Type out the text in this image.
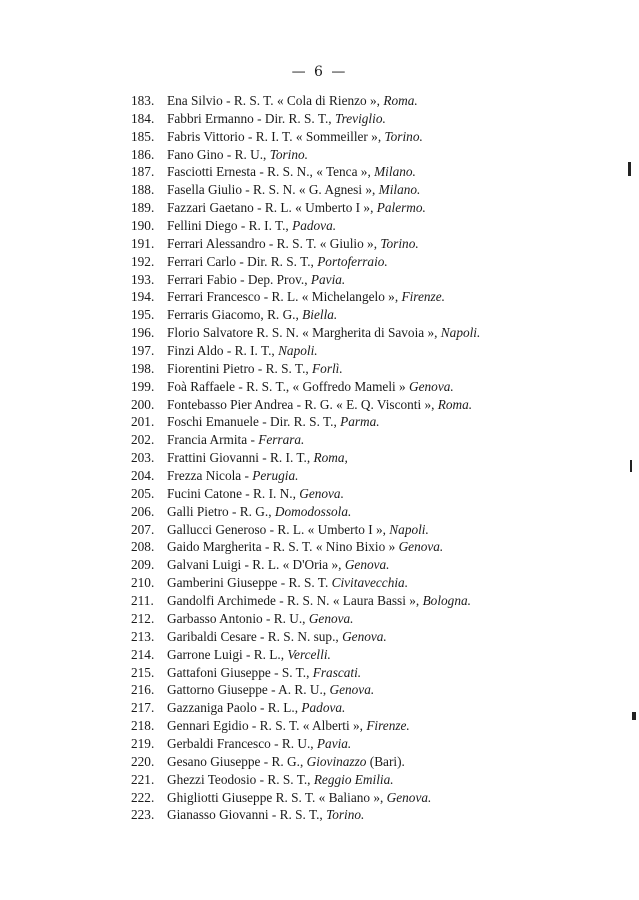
— 6 —
183. Ena Silvio - R. S. T. « Cola di Rienzo », Roma.
184. Fabbri Ermanno - Dir. R. S. T., Treviglio.
185. Fabris Vittorio - R. I. T. « Sommeiller », Torino.
186. Fano Gino - R. U., Torino.
187. Fasciotti Ernesta - R. S. N., « Tenca », Milano.
188. Fasella Giulio - R. S. N. « G. Agnesi », Milano.
189. Fazzari Gaetano - R. L. « Umberto I », Palermo.
190. Fellini Diego - R. I. T., Padova.
191. Ferrari Alessandro - R. S. T. « Giulio », Torino.
192. Ferrari Carlo - Dir. R. S. T., Portoferraio.
193. Ferrari Fabio - Dep. Prov., Pavia.
194. Ferrari Francesco - R. L. « Michelangelo », Firenze.
195. Ferraris Giacomo, R. G., Biella.
196. Florio Salvatore R. S. N. « Margherita di Savoia », Napoli.
197. Finzi Aldo - R. I. T., Napoli.
198. Fiorentini Pietro - R. S. T., Forlì.
199. Foà Raffaele - R. S. T., « Goffredo Mameli » Genova.
200. Fontebasso Pier Andrea - R. G. « E. Q. Visconti », Roma.
201. Foschi Emanuele - Dir. R. S. T., Parma.
202. Francia Armita - Ferrara.
203. Frattini Giovanni - R. I. T., Roma,
204. Frezza Nicola - Perugia.
205. Fucini Catone - R. I. N., Genova.
206. Galli Pietro - R. G., Domodossola.
207. Gallucci Generoso - R. L. « Umberto I », Napoli.
208. Gaido Margherita - R. S. T. « Nino Bixio » Genova.
209. Galvani Luigi - R. L. « D'Oria », Genova.
210. Gamberini Giuseppe - R. S. T. Civitavecchia.
211. Gandolfi Archimede - R. S. N. « Laura Bassi », Bologna.
212. Garbasso Antonio - R. U., Genova.
213. Garibaldi Cesare - R. S. N. sup., Genova.
214. Garrone Luigi - R. L., Vercelli.
215. Gattafoni Giuseppe - S. T., Frascati.
216. Gattorno Giuseppe - A. R. U., Genova.
217. Gazzaniga Paolo - R. L., Padova.
218. Gennari Egidio - R. S. T. « Alberti », Firenze.
219. Gerbaldi Francesco - R. U., Pavia.
220. Gesano Giuseppe - R. G., Giovinazzo (Bari).
221. Ghezzi Teodosio - R. S. T., Reggio Emilia.
222. Ghigliotti Giuseppe R. S. T. « Baliano », Genova.
223. Gianasso Giovanni - R. S. T., Torino.
